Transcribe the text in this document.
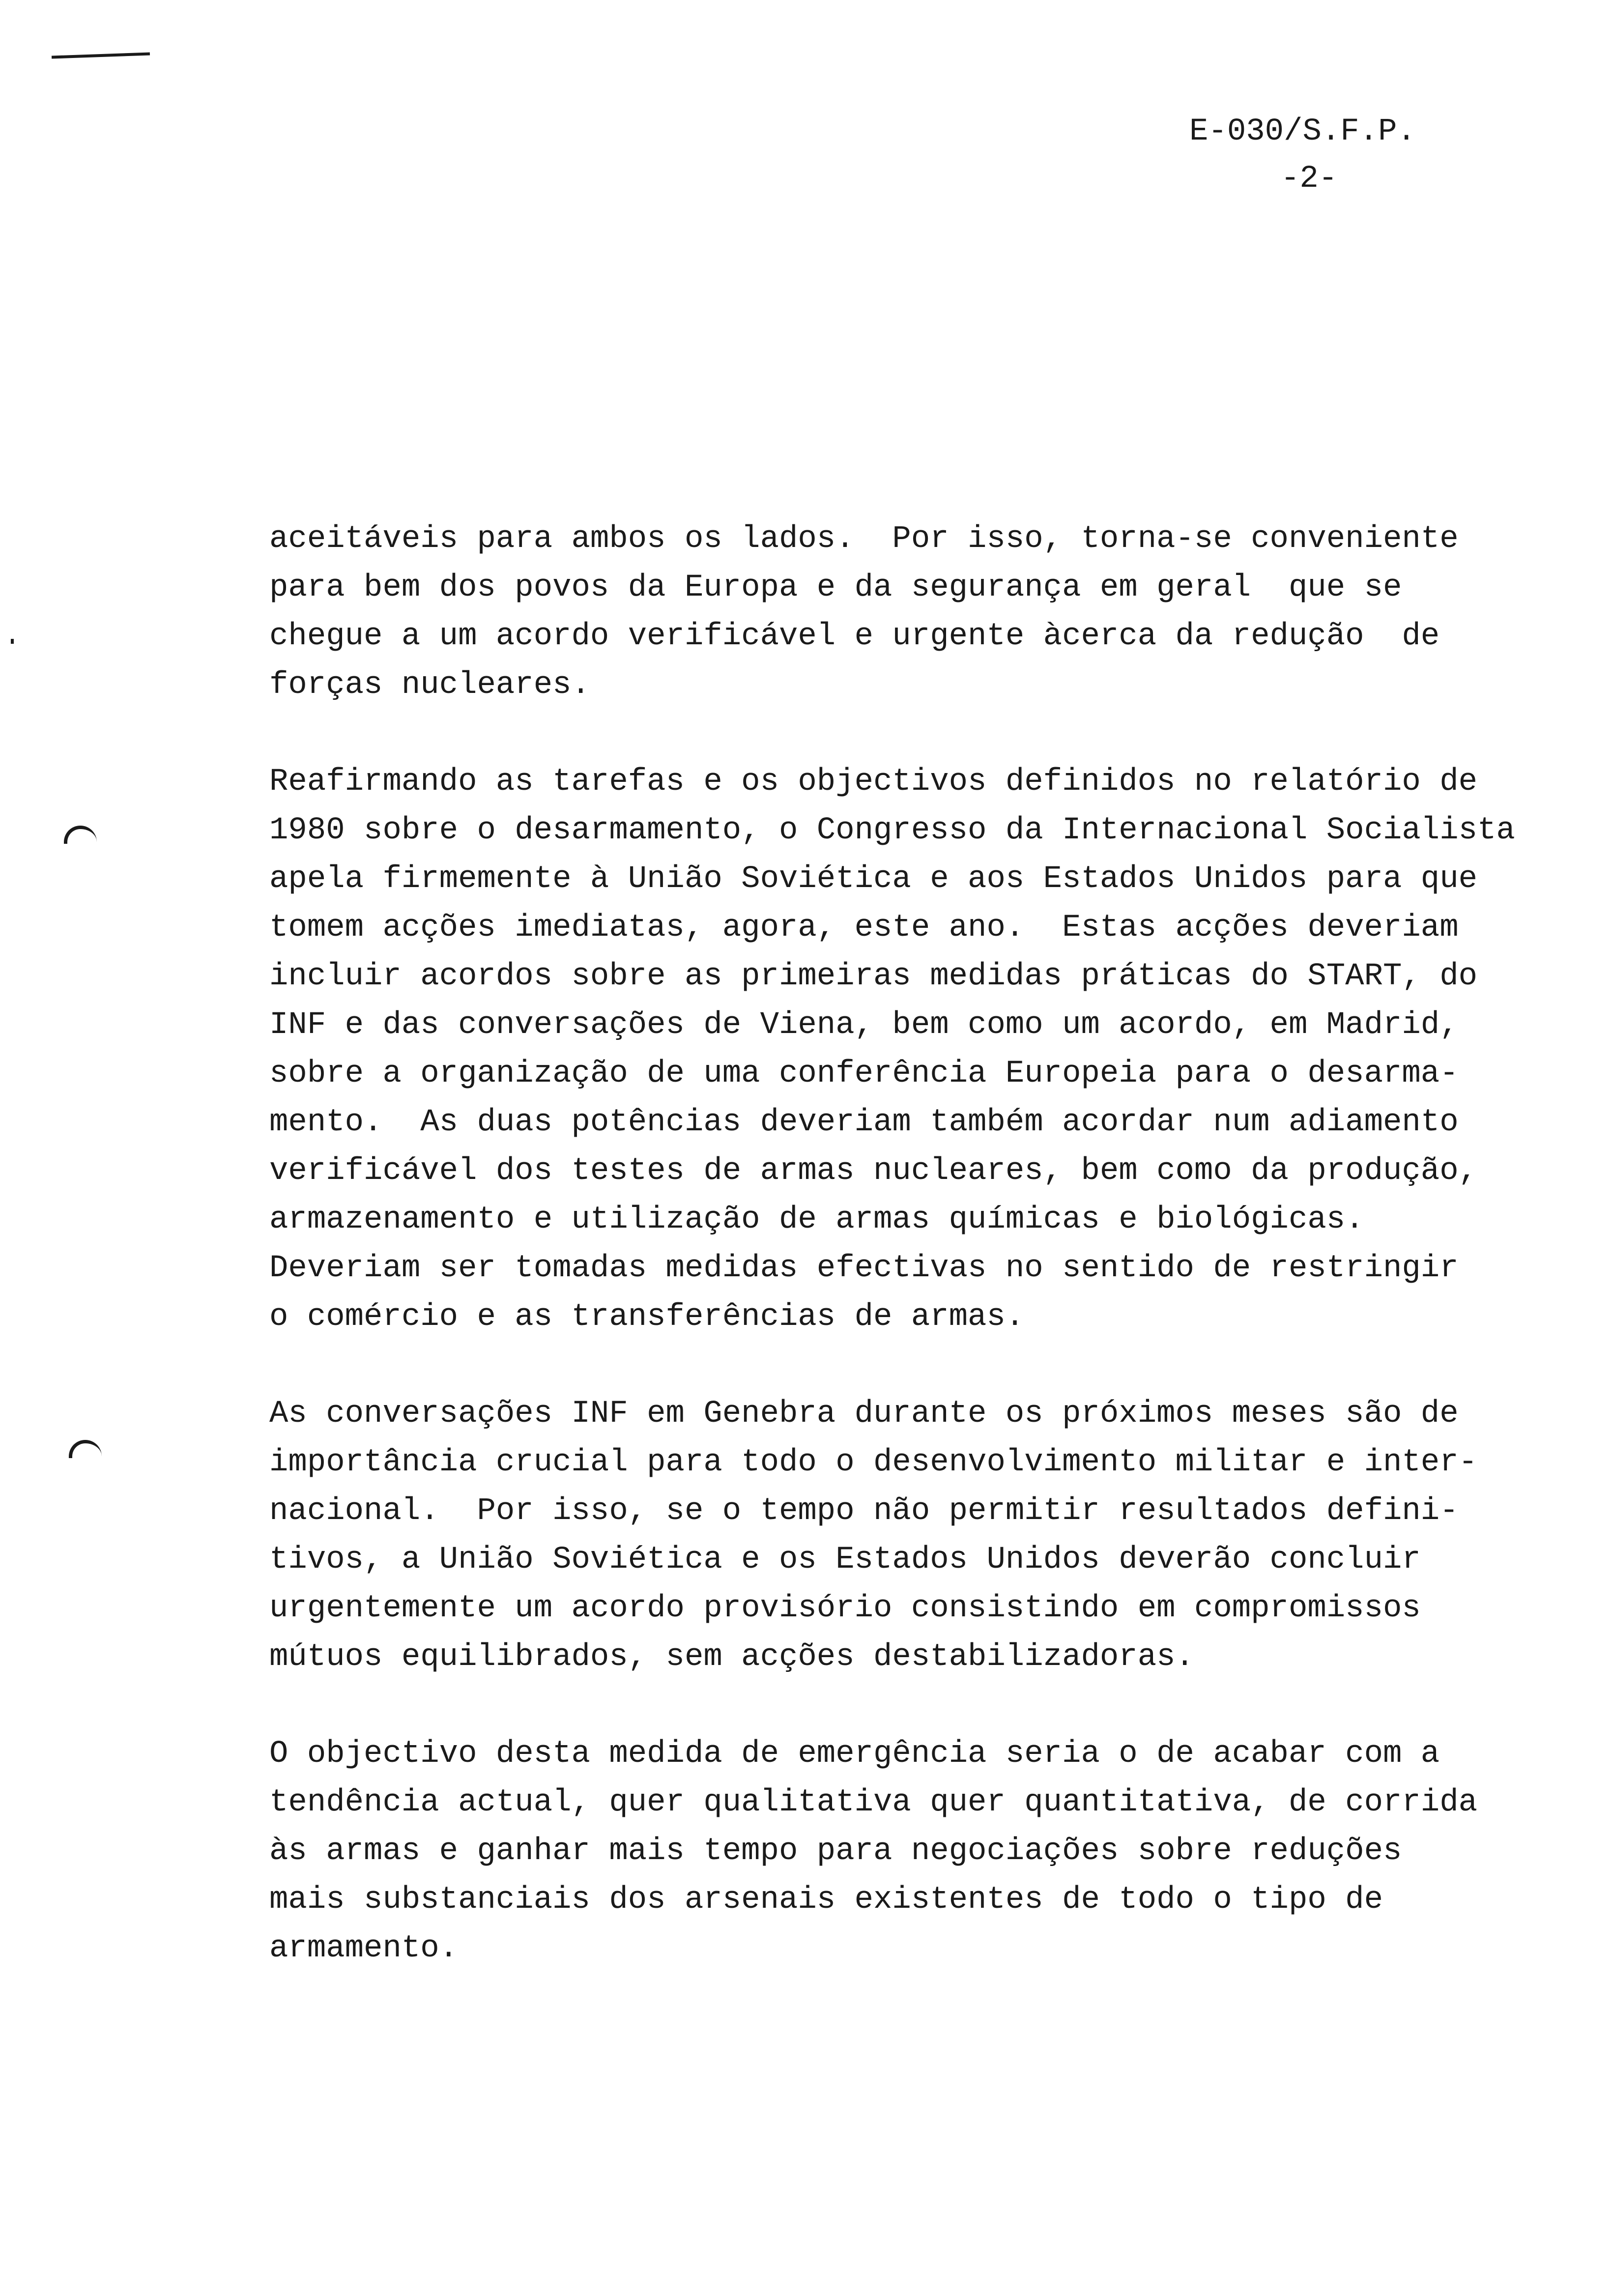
E-030/S.F.P.
-2-
aceitáveis para ambos os lados.  Por isso, torna-se conveniente
para bem dos povos da Europa e da segurança em geral  que se
chegue a um acordo verificável e urgente àcerca da redução  de
forças nucleares.
Reafirmando as tarefas e os objectivos definidos no relatório de
1980 sobre o desarmamento, o Congresso da Internacional Socialista
apela firmemente à União Soviética e aos Estados Unidos para que
tomem acções imediatas, agora, este ano.  Estas acções deveriam
incluir acordos sobre as primeiras medidas práticas do START, do
INF e das conversações de Viena, bem como um acordo, em Madrid,
sobre a organização de uma conferência Europeia para o desarma-
mento.  As duas potências deveriam também acordar num adiamento
verificável dos testes de armas nucleares, bem como da produção,
armazenamento e utilização de armas químicas e biológicas.
Deveriam ser tomadas medidas efectivas no sentido de restringir
o comércio e as transferências de armas.
As conversações INF em Genebra durante os próximos meses são de
importância crucial para todo o desenvolvimento militar e inter-
nacional.  Por isso, se o tempo não permitir resultados defini-
tivos, a União Soviética e os Estados Unidos deverão concluir
urgentemente um acordo provisório consistindo em compromissos
mútuos equilibrados, sem acções destabilizadoras.
O objectivo desta medida de emergência seria o de acabar com a
tendência actual, quer qualitativa quer quantitativa, de corrida
às armas e ganhar mais tempo para negociações sobre reduções
mais substanciais dos arsenais existentes de todo o tipo de
armamento.
